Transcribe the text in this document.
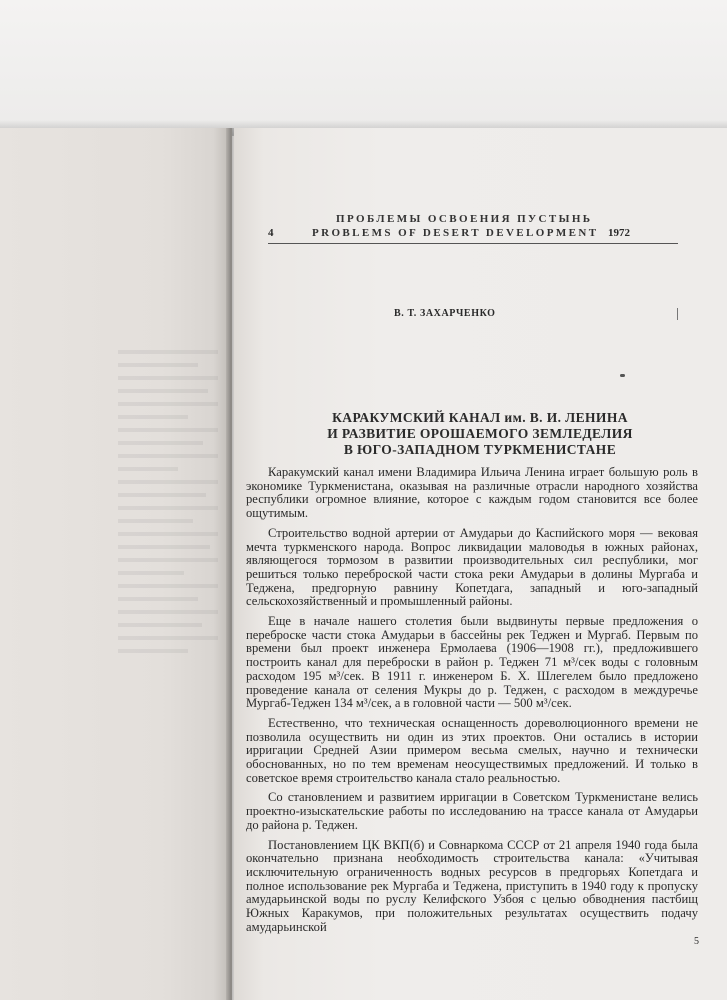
ПРОБЛЕМЫ ОСВОЕНИЯ ПУСТЫНЬ
4	PROBLEMS OF DESERT DEVELOPMENT 1972
В. Т. ЗАХАРЧЕНКО
КАРАКУМСКИЙ КАНАЛ им. В. И. ЛЕНИНА
И РАЗВИТИЕ ОРОШАЕМОГО ЗЕМЛЕДЕЛИЯ
В ЮГО-ЗАПАДНОМ ТУРКМЕНИСТАНЕ

Каракумский канал имени Владимира Ильича Ленина играет большую роль в экономике Туркменистана, оказывая на различные отрасли народного хозяйства республики огромное влияние, которое с каждым годом становится все более ощутимым.

Строительство водной артерии от Амударьи до Каспийского моря — вековая мечта туркменского народа. Вопрос ликвидации маловодья в южных районах, являющегося тормозом в развитии производительных сил республики, мог решиться только переброской части стока реки Амударьи в долины Мургаба и Теджена, предгорную равнину Копетдага, западный и юго-западный сельскохозяйственный и промышленный районы.

Еще в начале нашего столетия были выдвинуты первые предложения о переброске части стока Амударьи в бассейны рек Теджен и Мургаб. Первым по времени был проект инженера Ермолаева (1906—1908 гг.), предложившего построить канал для переброски в район р. Теджен 71 м³/сек воды с головным расходом 195 м³/сек. В 1911 г. инженером Б. Х. Шлегелем было предложено проведение канала от селения Мукры до р. Теджен, с расходом в междуречье Мургаб-Теджен 134 м³/сек, а в головной части — 500 м³/сек.

Естественно, что техническая оснащенность дореволюционного времени не позволила осуществить ни один из этих проектов. Они остались в истории ирригации Средней Азии примером весьма смелых, научно и технически обоснованных, но по тем временам неосуществимых предложений. И только в советское время строительство канала стало реальностью.

Со становлением и развитием ирригации в Советском Туркменистане велись проектно-изыскательские работы по исследованию на трассе канала от Амударьи до района р. Теджен.

Постановлением ЦК ВКП(б) и Совнаркома СССР от 21 апреля 1940 года была окончательно признана необходимость строительства канала: «Учитывая исключительную ограниченность водных ресурсов в предгорьях Копетдага и полное использование рек Мургаба и Теджена, приступить в 1940 году к пропуску амударьинской воды по руслу Келифского Узбоя с целью обводнения пастбищ Южных Каракумов, при положительных результатах осуществить подачу амударьинской

5
